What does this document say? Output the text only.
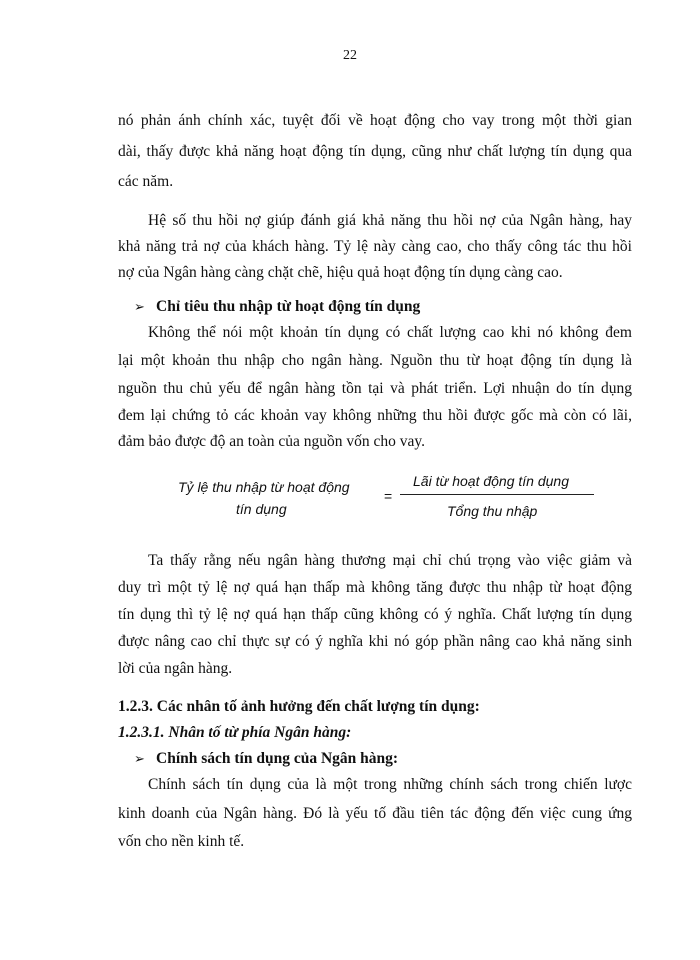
22
nó phản ánh chính xác, tuyệt đối về hoạt động cho vay trong một thời gian
dài, thấy được khả năng hoạt động tín dụng, cũng như chất lượng tín dụng qua
các năm.
Hệ số thu hồi nợ giúp đánh giá khả năng thu hồi nợ của Ngân hàng, hay
khả năng trả nợ của khách hàng. Tỷ lệ này càng cao, cho thấy công tác thu hồi
nợ của Ngân hàng càng chặt chẽ, hiệu quả hoạt động tín dụng càng cao.
➢ Chỉ tiêu thu nhập từ hoạt động tín dụng
Không thể nói một khoản tín dụng có chất lượng cao khi nó không đem
lại một khoản thu nhập cho ngân hàng. Nguồn thu từ hoạt động tín dụng là
nguồn thu chủ yếu để ngân hàng tồn tại và phát triển. Lợi nhuận do tín dụng
đem lại chứng tỏ các khoản vay không những thu hồi được gốc mà còn có lãi,
đảm bảo được độ an toàn của nguồn vốn cho vay.
Tỷ lệ thu nhập từ hoạt động
tín dụng
=
Lãi từ hoạt động tín dụng
Tổng thu nhập
Ta thấy rằng nếu ngân hàng thương mại chỉ chú trọng vào việc giảm và
duy trì một tỷ lệ nợ quá hạn thấp mà không tăng được thu nhập từ hoạt động
tín dụng thì tỷ lệ nợ quá hạn thấp cũng không có ý nghĩa. Chất lượng tín dụng
được nâng cao chỉ thực sự có ý nghĩa khi nó góp phần nâng cao khả năng sinh
lời của ngân hàng.
1.2.3. Các nhân tố ảnh hưởng đến chất lượng tín dụng:
1.2.3.1. Nhân tố từ phía Ngân hàng:
➢ Chính sách tín dụng của Ngân hàng:
Chính sách tín dụng của là một trong những chính sách trong chiến lược
kinh doanh của Ngân hàng. Đó là yếu tố đầu tiên tác động đến việc cung ứng
vốn cho nền kinh tế.
